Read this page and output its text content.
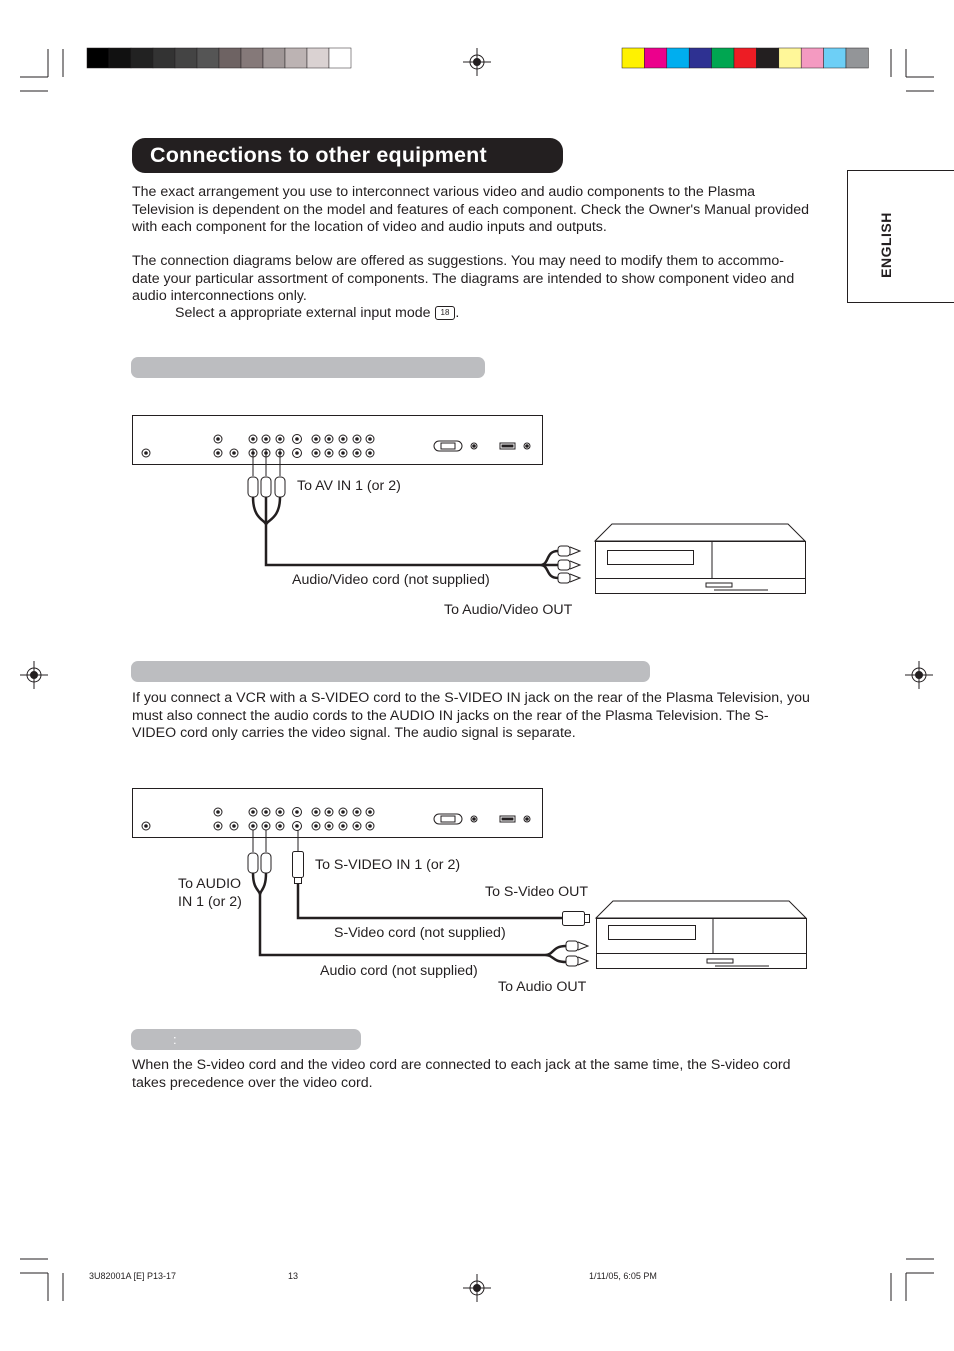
Connections to other equipment
ENGLISH
The exact arrangement you use to interconnect various video and audio components to the Plasma Television is dependent on the model and features of each component. Check the Owner's Manual provided with each component for the location of video and audio inputs and outputs.
The connection diagrams below are offered as suggestions. You may need to modify them to accommo-date your particular assortment of components. The diagrams are intended to show component video and audio interconnections only.
Select a appropriate external input mode 18 .
:
If you connect a VCR with a S-VIDEO cord to the S-VIDEO IN jack on the rear of the Plasma Television, you must also connect the audio cords to the AUDIO IN jacks on the rear of the Plasma Television. The S-VIDEO cord only carries the video signal. The audio signal is separate.
When the S-video cord and the video cord are connected to each jack at the same time, the S-video cord takes precedence over the video cord.
To AV IN 1 (or 2)
Audio/Video cord (not supplied)
To Audio/Video OUT
To S-VIDEO IN 1 (or 2)
To AUDIO
IN 1 (or 2)
To S-Video OUT
S-Video cord (not supplied)
Audio cord (not supplied)
To Audio OUT
3U82001A [E] P13-17	13	1/11/05, 6:05 PM
